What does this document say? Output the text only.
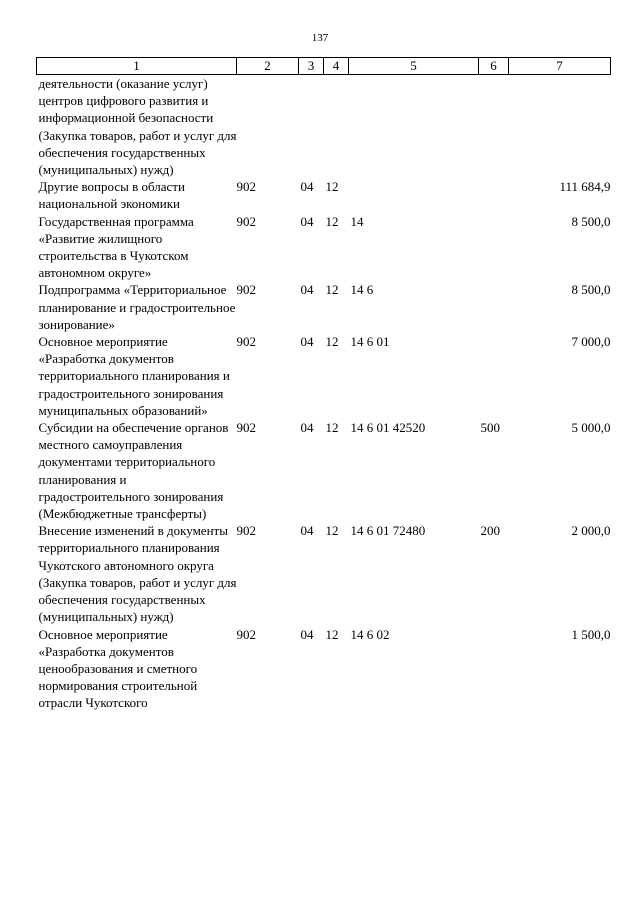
137
1	2	3	4	5	6	7
деятельности (оказание услуг) центров цифрового развития и информационной безопасности (Закупка товаров, работ и услуг для обеспечения государственных (муниципальных) нужд)						
Другие вопросы в области национальной экономики	902	04	12			111 684,9
Государственная программа «Развитие жилищного строительства в Чукотском автономном округе»	902	04	12	14		8 500,0
Подпрограмма «Территориальное планирование и градостроительное зонирование»	902	04	12	14 6		8 500,0
Основное мероприятие «Разработка документов территориального планирования и градостроительного зонирования муниципальных образований»	902	04	12	14 6 01		7 000,0
Субсидии на обеспечение органов местного самоуправления документами территориального планирования и градостроительного зонирования (Межбюджетные трансферты)	902	04	12	14 6 01 42520	500	5 000,0
Внесение изменений в документы территориального планирования Чукотского автономного округа (Закупка товаров, работ и услуг для обеспечения государственных (муниципальных) нужд)	902	04	12	14 6 01 72480	200	2 000,0
Основное мероприятие «Разработка документов ценообразования и сметного нормирования строительной отрасли Чукотского	902	04	12	14 6 02		1 500,0
